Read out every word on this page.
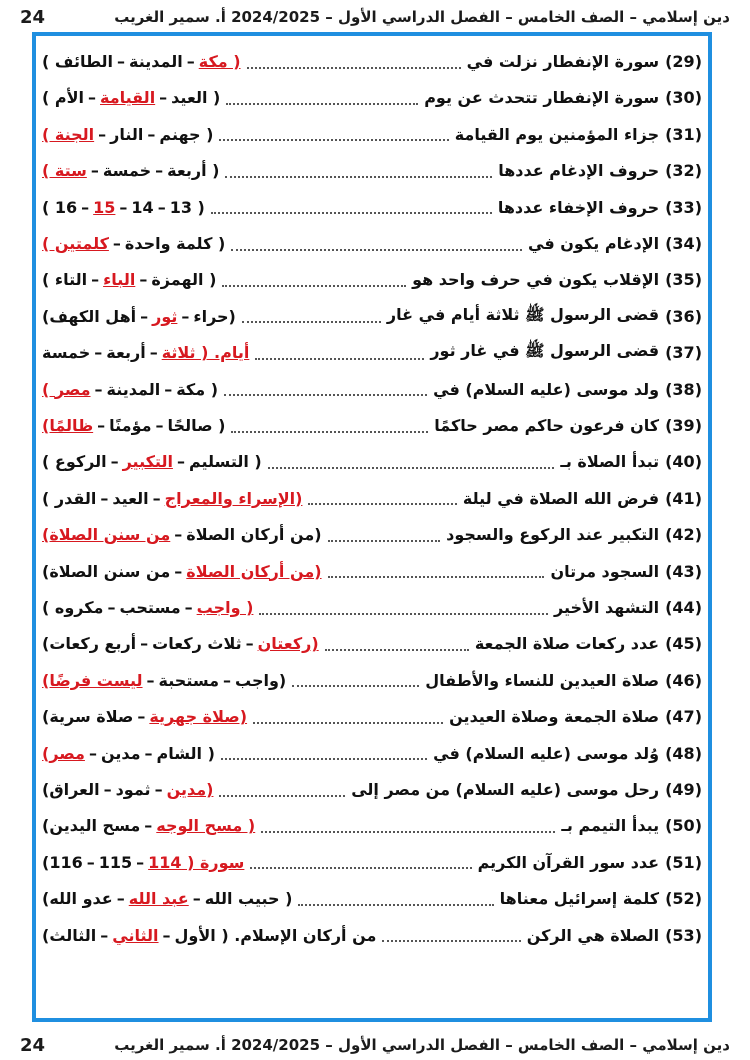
دين إسلامي – الصف الخامس – الفصل الدراسي الأول – 2024/2025 أ. سمير الغريب
24
(29)
سورة الإنفطار نزلت في
( مكة–المدينة–الطائف )
(30)
سورة الإنفطار تتحدث عن يوم
( العيد–القيامة–الأم )
(31)
جزاء المؤمنين يوم القيامة
( جهنم–النار–الجنة )
(32)
حروف الإدغام عددها
( أربعة–خمسة–ستة )
(33)
حروف الإخفاء عددها
( 13–14–15–16 )
(34)
الإدغام يكون في
( كلمة واحدة–كلمتين )
(35)
الإقلاب يكون في حرف واحد هو
( الهمزة–الباء–التاء )
(36)
قضى الرسول ﷺ ثلاثة أيام في غار
(حراء–ثور–أهل الكهف)
(37)
قضى الرسول ﷺ في غار ثور
أيام. ( ثلاثة–أربعة–خمسة
(38)
ولد موسى (عليه السلام) في
( مكة–المدينة–مصر )
(39)
كان فرعون حاكم مصر حاكمًا
( صالحًا–مؤمنًا–ظالمًا)
(40)
تبدأ الصلاة بـ
( التسليم–التكبير–الركوع )
(41)
فرض الله الصلاة في ليلة
(الإسراء والمعراج–العيد–القدر )
(42)
التكبير عند الركوع والسجود
(من أركان الصلاة–من سنن الصلاة)
(43)
السجود مرتان
(من أركان الصلاة–من سنن الصلاة)
(44)
التشهد الأخير
( واجب–مستحب–مكروه )
(45)
عدد ركعات صلاة الجمعة
(ركعتان–ثلاث ركعات–أربع ركعات)
(46)
صلاة العيدين للنساء والأطفال
(واجب–مستحبة–ليست فرضًا)
(47)
صلاة الجمعة وصلاة العيدين
(صلاة جهرية–صلاة سرية)
(48)
وُلد موسى (عليه السلام) في
( الشام–مدين–مصر)
(49)
رحل موسى (عليه السلام) من مصر إلى
(مدين–ثمود–العراق)
(50)
يبدأ التيمم بـ
( مسح الوجه–مسح اليدين)
(51)
عدد سور القرآن الكريم
سورة ( 114–115–116)
(52)
كلمة إسرائيل معناها
( حبيب الله–عبد الله–عدو الله)
(53)
الصلاة هي الركن
من أركان الإسلام. ( الأول–الثاني–الثالث)
دين إسلامي – الصف الخامس – الفصل الدراسي الأول – 2024/2025 أ. سمير الغريب
24
